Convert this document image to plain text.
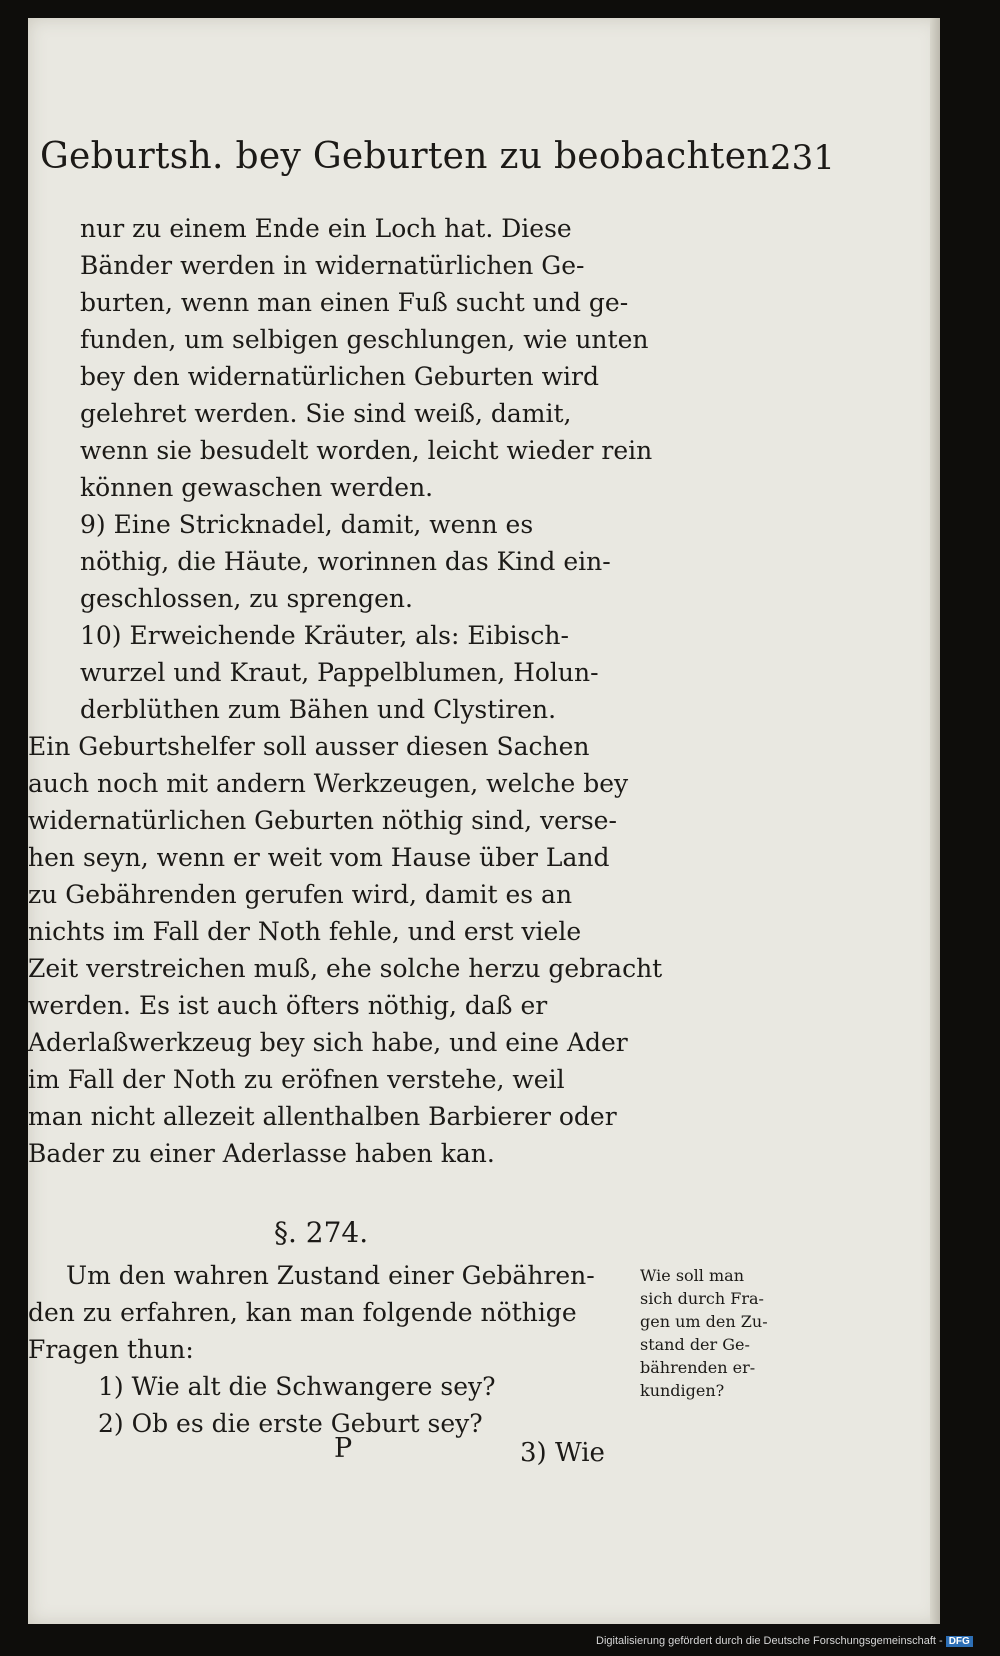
Geburtsh. bey Geburten zu beobachten.
231
nur zu einem Ende ein Loch hat. Diese
Bänder werden in widernatürlichen Ge-
burten, wenn man einen Fuß sucht und ge-
funden, um selbigen geschlungen, wie unten
bey den widernatürlichen Geburten wird
gelehret werden. Sie sind weiß, damit,
wenn sie besudelt worden, leicht wieder rein
können gewaschen werden.
9) Eine Stricknadel, damit, wenn es
nöthig, die Häute, worinnen das Kind ein-
geschlossen, zu sprengen.
10) Erweichende Kräuter, als: Eibisch-
wurzel und Kraut, Pappelblumen, Holun-
derblüthen zum Bähen und Clystiren.
Ein Geburtshelfer soll ausser diesen Sachen
auch noch mit andern Werkzeugen, welche bey
widernatürlichen Geburten nöthig sind, verse-
hen seyn, wenn er weit vom Hause über Land
zu Gebährenden gerufen wird, damit es an
nichts im Fall der Noth fehle, und erst viele
Zeit verstreichen muß, ehe solche herzu gebracht
werden. Es ist auch öfters nöthig, daß er
Aderlaßwerkzeug bey sich habe, und eine Ader
im Fall der Noth zu eröfnen verstehe, weil
man nicht allezeit allenthalben Barbierer oder
Bader zu einer Aderlasse haben kan.
§. 274.
Um den wahren Zustand einer Gebähren-
den zu erfahren, kan man folgende nöthige
Fragen thun:
1) Wie alt die Schwangere sey?
2) Ob es die erste Geburt sey?
Wie soll man
sich durch Fra-
gen um den Zu-
stand der Ge-
bährenden er-
kundigen?
P	3) Wie
Digitalisierung gefördert durch die Deutsche Forschungsgemeinschaft - DFG
